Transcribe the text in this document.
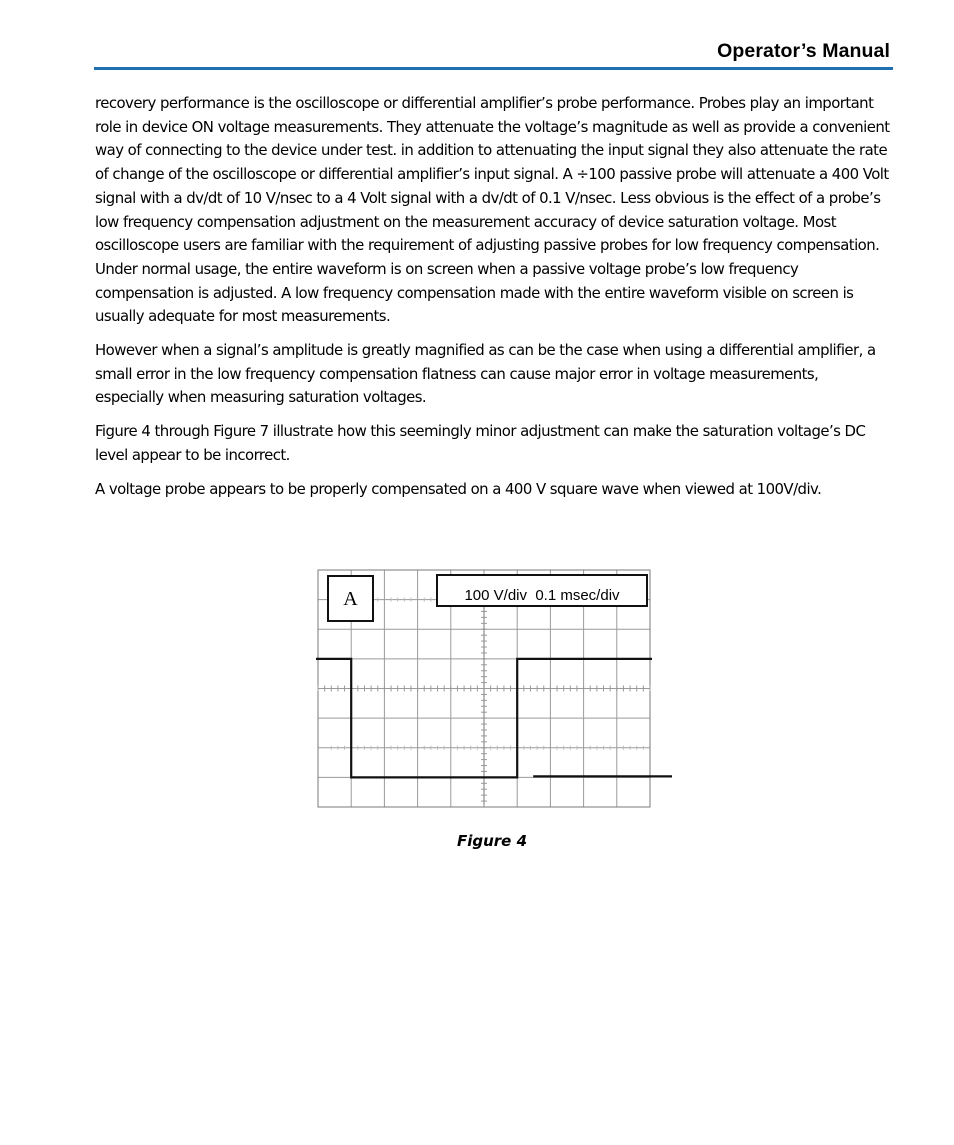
Operator’s Manual

recovery performance is the oscilloscope or differential amplifier’s probe performance. Probes play an important role in device ON voltage measurements. They attenuate the voltage’s magnitude as well as provide a convenient way of connecting to the device under test. in addition to attenuating the input signal they also attenuate the rate of change of the oscilloscope or differential amplifier’s input signal. A ÷100 passive probe will attenuate a 400 Volt signal with a dv/dt of 10 V/nsec to a 4 Volt signal with a dv/dt of 0.1 V/nsec. Less obvious is the effect of a probe’s low frequency compensation adjustment on the measurement accuracy of device saturation voltage. Most oscilloscope users are familiar with the requirement of adjusting passive probes for low frequency compensation. Under normal usage, the entire waveform is on screen when a passive voltage probe’s low frequency compensation is adjusted. A low frequency compensation made with the entire waveform visible on screen is usually adequate for most measurements.

However when a signal’s amplitude is greatly magnified as can be the case when using a differential amplifier, a small error in the low frequency compensation flatness can cause major error in voltage measurements, especially when measuring saturation voltages.

Figure 4 through Figure 7 illustrate how this seemingly minor adjustment can make the saturation voltage’s DC level appear to be incorrect.

A voltage probe appears to be properly compensated on a 400 V square wave when viewed at 100V/div.

A	100 V/div  0.1 msec/div
Figure 4
